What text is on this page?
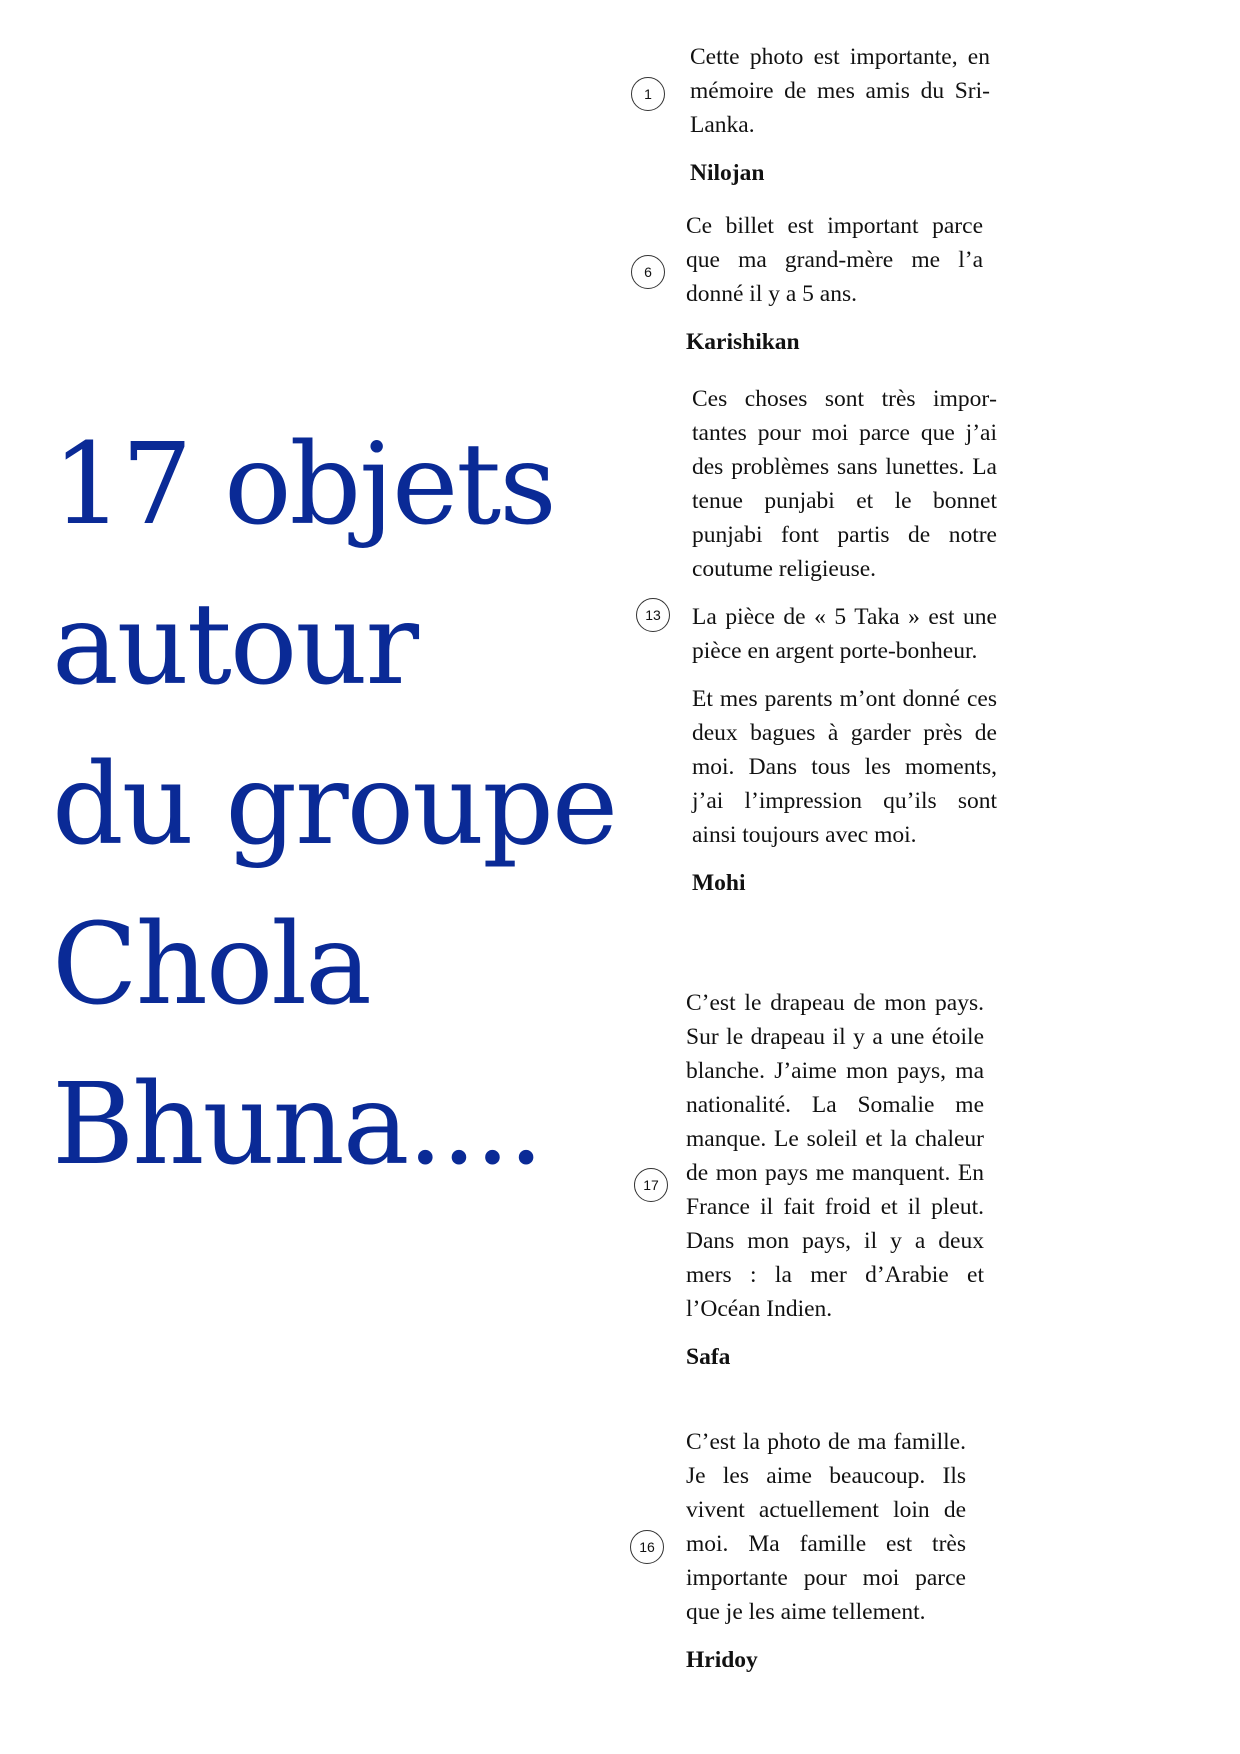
17 objets
autour
du groupe
Chola
Bhuna....
1

Cette photo est importante, en mémoire de mes amis du Sri-Lanka.

Nilojan

6

Ce billet est important parce que ma grand-mère me l’a donné il y a 5 ans.

Karishikan

13

Ces choses sont très importantes pour moi parce que j’ai des problèmes sans lunettes. La tenue punjabi et le bonnet punjabi font partis de notre coutume religieuse.

La pièce de « 5 Taka » est une pièce en argent porte-bonheur.

Et mes parents m’ont donné ces deux bagues à garder près de moi. Dans tous les moments, j’ai l’impression qu’ils sont ainsi toujours avec moi.

Mohi

17

C’est le drapeau de mon pays. Sur le drapeau il y a une étoile blanche. J’aime mon pays, ma nationalité. La Somalie me manque. Le soleil et la chaleur de mon pays me manquent. En France il fait froid et il pleut. Dans mon pays, il y a deux mers : la mer d’Arabie et l’Océan Indien.

Safa

16

C’est la photo de ma famille. Je les aime beaucoup. Ils vivent actuellement loin de moi. Ma famille est très importante pour moi parce que je les aime tellement.

Hridoy
